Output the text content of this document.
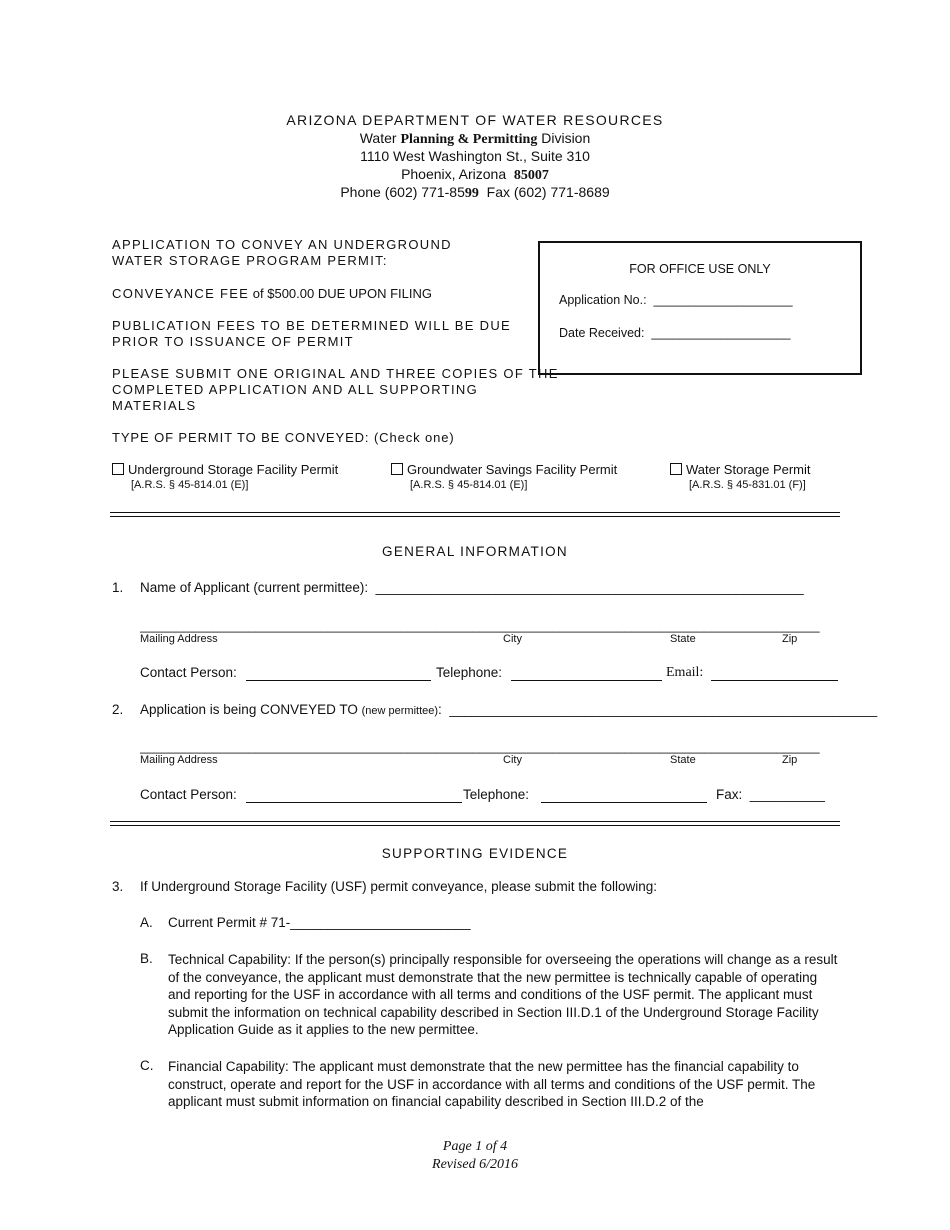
ARIZONA DEPARTMENT OF WATER RESOURCES
Water Planning & Permitting Division
1110 West Washington St., Suite 310
Phoenix, Arizona 85007
Phone (602) 771-8599 Fax (602) 771-8689
APPLICATION TO CONVEY AN UNDERGROUND
WATER STORAGE PROGRAM PERMIT:
CONVEYANCE FEE of $500.00 DUE UPON FILING
PUBLICATION FEES TO BE DETERMINED WILL BE DUE
PRIOR TO ISSUANCE OF PERMIT
PLEASE SUBMIT ONE ORIGINAL AND THREE COPIES OF THE
COMPLETED APPLICATION AND ALL SUPPORTING
MATERIALS
TYPE OF PERMIT TO BE CONVEYED: (Check one)
FOR OFFICE USE ONLY
Application No.: ____________________
Date Received: ____________________
Underground Storage Facility Permit
[A.R.S. § 45-814.01 (E)]
Groundwater Savings Facility Permit
[A.R.S. § 45-814.01 (E)]
Water Storage Permit
[A.R.S. § 45-831.01 (F)]
GENERAL INFORMATION
1. Name of Applicant (current permittee): _________________________________________________________
______________________________________________________________________________________________
Mailing Address	City	State	Zip
Contact Person:	Telephone:	Email:
2. Application is being CONVEYED TO (new permittee): _________________________________________________________
______________________________________________________________________________________________
Mailing Address	City	State	Zip
Contact Person:	Telephone:	Fax: __________
SUPPORTING EVIDENCE
3. If Underground Storage Facility (USF) permit conveyance, please submit the following:
A. Current Permit # 71-________________________
B. Technical Capability: If the person(s) principally responsible for overseeing the operations will change as a result of the conveyance, the applicant must demonstrate that the new permittee is technically capable of operating and reporting for the USF in accordance with all terms and conditions of the USF permit. The applicant must submit the information on technical capability described in Section III.D.1 of the Underground Storage Facility Application Guide as it applies to the new permittee.
C. Financial Capability: The applicant must demonstrate that the new permittee has the financial capability to construct, operate and report for the USF in accordance with all terms and conditions of the USF permit. The applicant must submit information on financial capability described in Section III.D.2 of the
Page 1 of 4
Revised 6/2016
